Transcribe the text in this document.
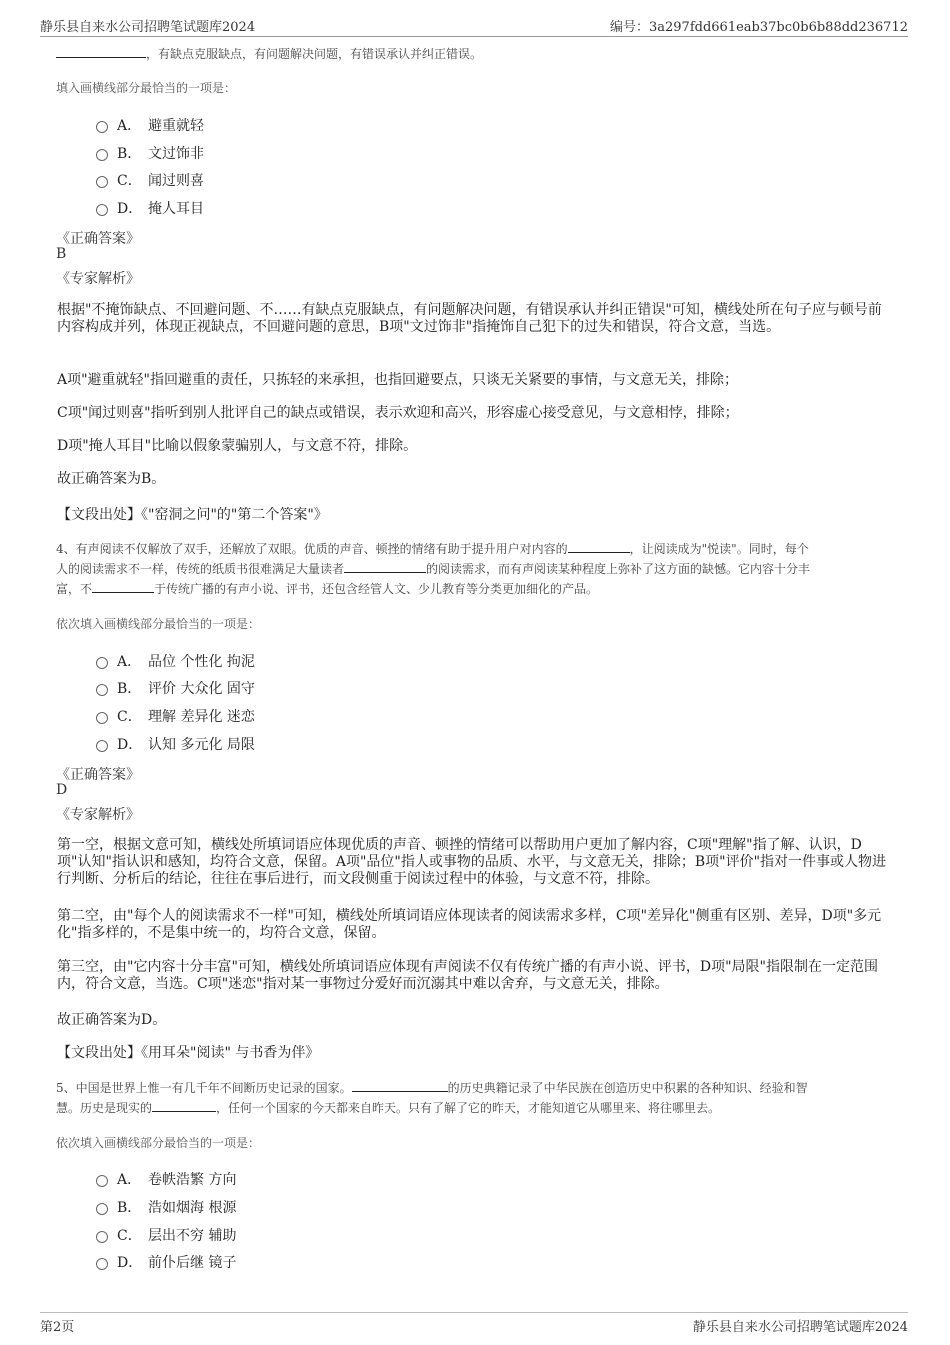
静乐县自来水公司招聘笔试题库2024	编号：3a297fdd661eab37bc0b6b88dd236712
，有缺点克服缺点，有问题解决问题，有错误承认并纠正错误。
填入画横线部分最恰当的一项是：
A． 避重就轻
B． 文过饰非
C． 闻过则喜
D． 掩人耳目
《正确答案》
B
《专家解析》
根据"不掩饰缺点、不回避问题、不……有缺点克服缺点，有问题解决问题，有错误承认并纠正错误"可知，横线处所在句子应与顿号前内容构成并列，体现正视缺点，不回避问题的意思，B项"文过饰非"指掩饰自己犯下的过失和错误，符合文意，当选。
A项"避重就轻"指回避重的责任，只拣轻的来承担，也指回避要点，只谈无关紧要的事情，与文意无关，排除；
C项"闻过则喜"指听到别人批评自己的缺点或错误，表示欢迎和高兴，形容虚心接受意见，与文意相悖，排除；
D项"掩人耳目"比喻以假象蒙骗别人，与文意不符，排除。
故正确答案为B。
【文段出处】《"窑洞之问"的"第二个答案"》
4、有声阅读不仅解放了双手，还解放了双眼。优质的声音、顿挫的情绪有助于提升用户对内容的	，让阅读成为"悦读"。同时，每个
人的阅读需求不一样，传统的纸质书很难满足大量读者	的阅读需求，而有声阅读某种程度上弥补了这方面的缺憾。它内容十分丰
富，不	于传统广播的有声小说、评书，还包含经管人文、少儿教育等分类更加细化的产品。
依次填入画横线部分最恰当的一项是：
A． 品位 个性化 拘泥
B． 评价 大众化 固守
C． 理解 差异化 迷恋
D． 认知 多元化 局限
《正确答案》
D
《专家解析》
第一空，根据文意可知，横线处所填词语应体现优质的声音、顿挫的情绪可以帮助用户更加了解内容，C项"理解"指了解、认识，D项"认知"指认识和感知，均符合文意，保留。A项"品位"指人或事物的品质、水平，与文意无关，排除；B项"评价"指对一件事或人物进行判断、分析后的结论，往往在事后进行，而文段侧重于阅读过程中的体验，与文意不符，排除。
第二空，由"每个人的阅读需求不一样"可知，横线处所填词语应体现读者的阅读需求多样，C项"差异化"侧重有区别、差异，D项"多元化"指多样的，不是集中统一的，均符合文意，保留。
第三空，由"它内容十分丰富"可知，横线处所填词语应体现有声阅读不仅有传统广播的有声小说、评书，D项"局限"指限制在一定范围内，符合文意，当选。C项"迷恋"指对某一事物过分爱好而沉溺其中难以舍弃，与文意无关，排除。
故正确答案为D。
【文段出处】《用耳朵"阅读" 与书香为伴》
5、中国是世界上惟一有几千年不间断历史记录的国家。	的历史典籍记录了中华民族在创造历史中积累的各种知识、经验和智
慧。历史是现实的	，任何一个国家的今天都来自昨天。只有了解了它的昨天，才能知道它从哪里来、将往哪里去。
依次填入画横线部分最恰当的一项是：
A． 卷帙浩繁 方向
B． 浩如烟海 根源
C． 层出不穷 辅助
D． 前仆后继 镜子
第2页	静乐县自来水公司招聘笔试题库2024
